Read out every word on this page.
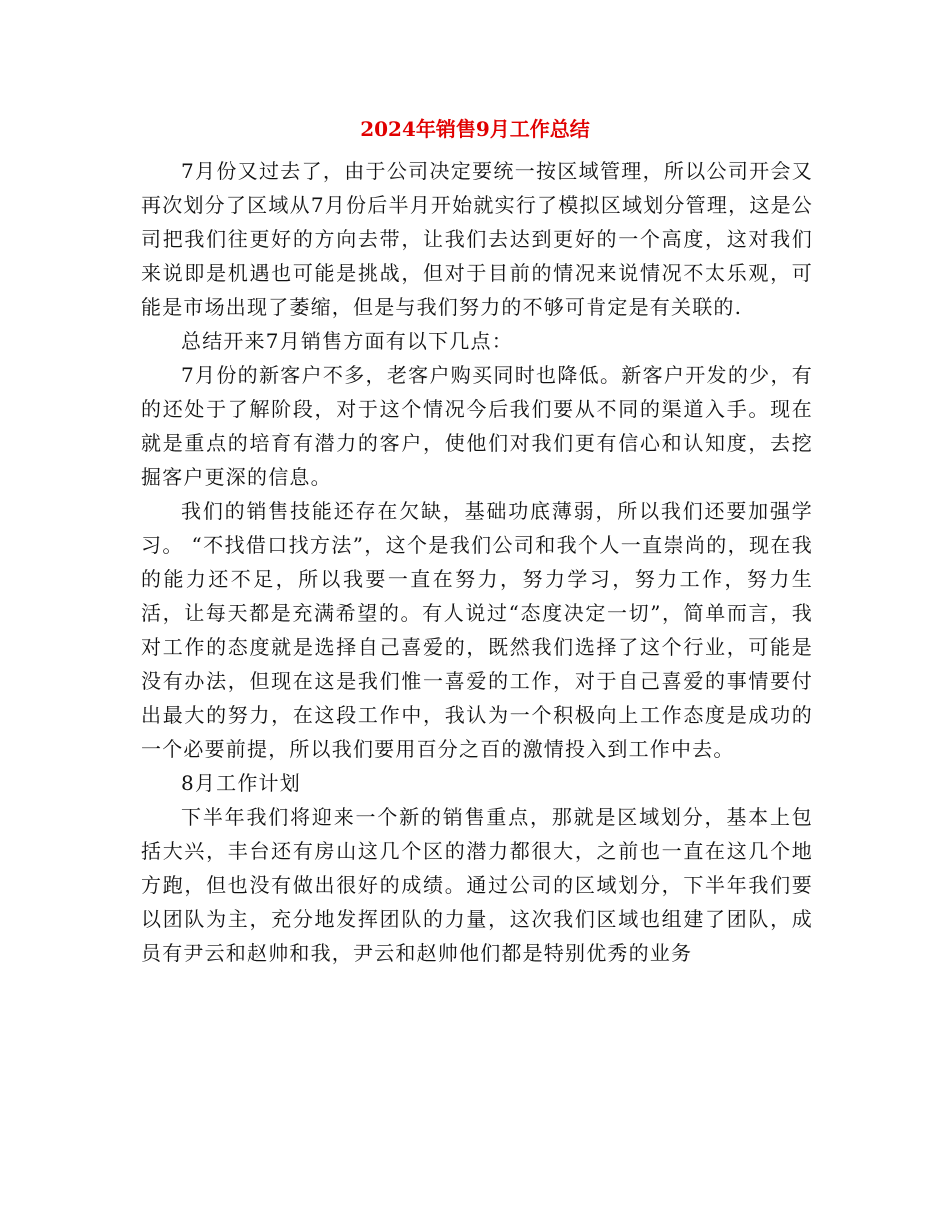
2024年销售9月工作总结

7月份又过去了，由于公司决定要统一按区域管理，所以公司开会又再次划分了区域从7月份后半月开始就实行了模拟区域划分管理，这是公司把我们往更好的方向去带，让我们去达到更好的一个高度，这对我们来说即是机遇也可能是挑战，但对于目前的情况来说情况不太乐观，可能是市场出现了萎缩，但是与我们努力的不够可肯定是有关联的.

总结开来7月销售方面有以下几点：

7月份的新客户不多，老客户购买同时也降低。新客户开发的少，有的还处于了解阶段，对于这个情况今后我们要从不同的渠道入手。现在就是重点的培育有潜力的客户，使他们对我们更有信心和认知度，去挖掘客户更深的信息。

我们的销售技能还存在欠缺，基础功底薄弱，所以我们还要加强学习。 “不找借口找方法”，这个是我们公司和我个人一直崇尚的，现在我的能力还不足，所以我要一直在努力，努力学习，努力工作，努力生活，让每天都是充满希望的。有人说过“态度决定一切”，简单而言，我对工作的态度就是选择自己喜爱的，既然我们选择了这个行业，可能是没有办法，但现在这是我们惟一喜爱的工作，对于自己喜爱的事情要付出最大的努力，在这段工作中，我认为一个积极向上工作态度是成功的一个必要前提，所以我们要用百分之百的激情投入到工作中去。

8月工作计划

下半年我们将迎来一个新的销售重点，那就是区域划分，基本上包括大兴，丰台还有房山这几个区的潜力都很大，之前也一直在这几个地方跑，但也没有做出很好的成绩。通过公司的区域划分，下半年我们要以团队为主，充分地发挥团队的力量，这次我们区域也组建了团队，成员有尹云和赵帅和我，尹云和赵帅他们都是特别优秀的业务
